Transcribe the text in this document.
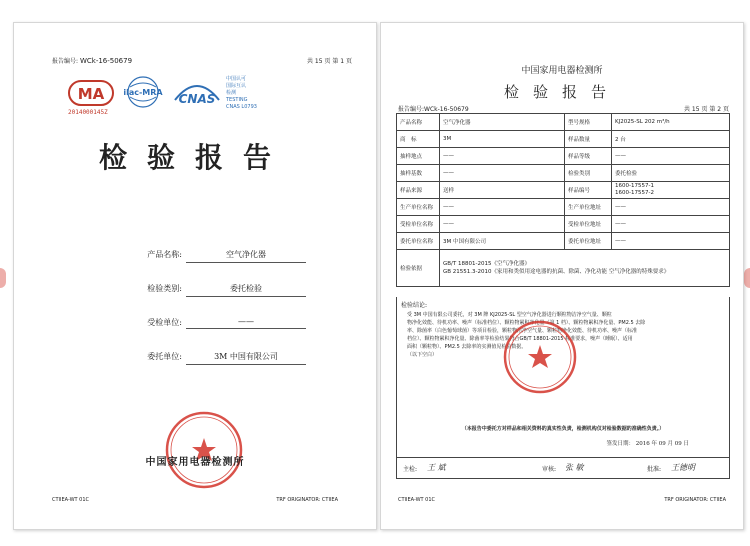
报告编号: WCk-16-50679	共 15 页 第 1 页
MA
2014000145Z
ilac-MRA CNAS
中国认可
国际互认
检测
TESTING
CNAS L0793
检验报告
产品名称:	空气净化器
检验类别:	委托检验
受检单位:	——
委托单位:	3M 中国有限公司
中国家用电器检测所
CTIIEA-WT 01C	TRF ORIGINATOR: CTIIEA
中国家用电器检测所
检验报告
报告编号:WCk-16-50679	共 15 页 第 2 页
产品名称	空气净化器	型号规格	KJ2025-SL 202 m³/h
商　标	3M	样品数量	2 台
抽样地点	——	样品等级	——
抽样基数	——	检验类别	委托检验
样品来源	送样	样品编号	1600-17557-1
1600-17557-2
生产单位名称	——	生产单位地址	——
受检单位名称	——	受检单位地址	——
委托单位名称	3M 中国有限公司	委托单位地址	——
检验依据	GB/T 18801-2015《空气净化器》
GB 21551.3-2010《家用和类似用途电器的抗菌、除菌、净化功能 空气净化器的特殊要求》		
检验结论:
受 3M 中国有限公司委托，对 3M 牌 KJ2025-SL 型空气净化器进行颗粒物洁净空气量、颗粒
物净化效能、待机功率、噪声（标准档位）、颗粒物累积净化量（第 1 档）、颗粒物累积净化量、PM2.5 去除
率、除菌率（白色葡萄球菌）等项目检验，颗粒物洁净空气量、颗粒物净化效能、待机功率、噪声（标准
档位）、颗粒物累积净化量、除菌率等检验结果符合GB/T 18801-2015 标准要求，噪声（睡眠）、适用
面积（颗粒物）、PM2.5 去除率的实测值见检验数据。
（以下空白）
（本报告中委托方对样品和相关资料的真实性负责，检测机构仅对检验数据的准确性负责。）
签发日期： 2016 年 09 月 09 日
主检: 王 斌	审核: 张 敏	批准: 王德明
CTIIEA-WT 01C	TRF ORIGINATOR: CTIIEA
